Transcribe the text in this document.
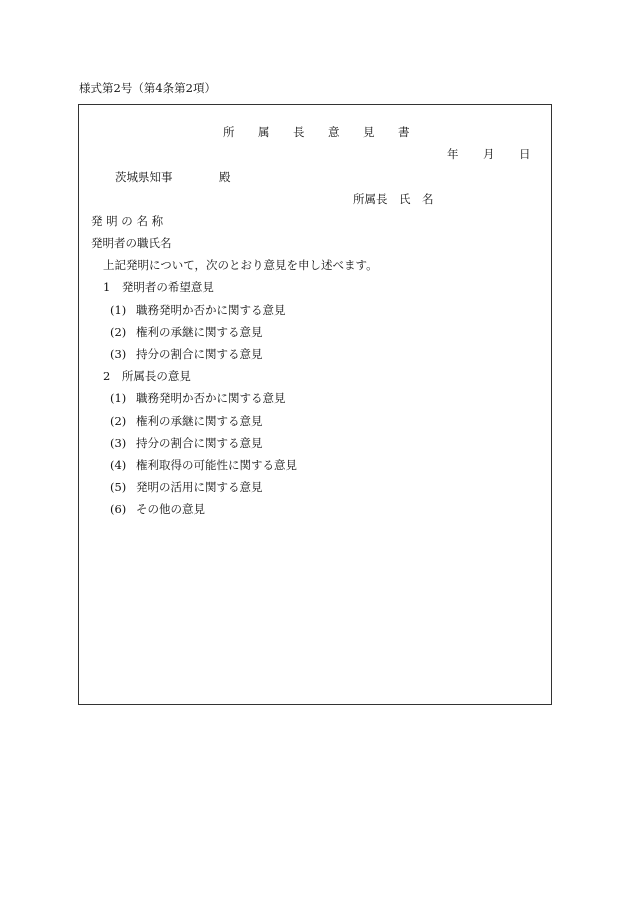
様式第2号（第4条第2項）
所 属 長 意 見 書
年 月 日
茨城県知事	殿
所属長　氏　名
発 明 の 名 称
発明者の職氏名
上記発明について，次のとおり意見を申し述べます。
1　発明者の希望意見
(1) 職務発明か否かに関する意見
(2) 権利の承継に関する意見
(3) 持分の割合に関する意見
2　所属長の意見
(1) 職務発明か否かに関する意見
(2) 権利の承継に関する意見
(3) 持分の割合に関する意見
(4) 権利取得の可能性に関する意見
(5) 発明の活用に関する意見
(6) その他の意見
